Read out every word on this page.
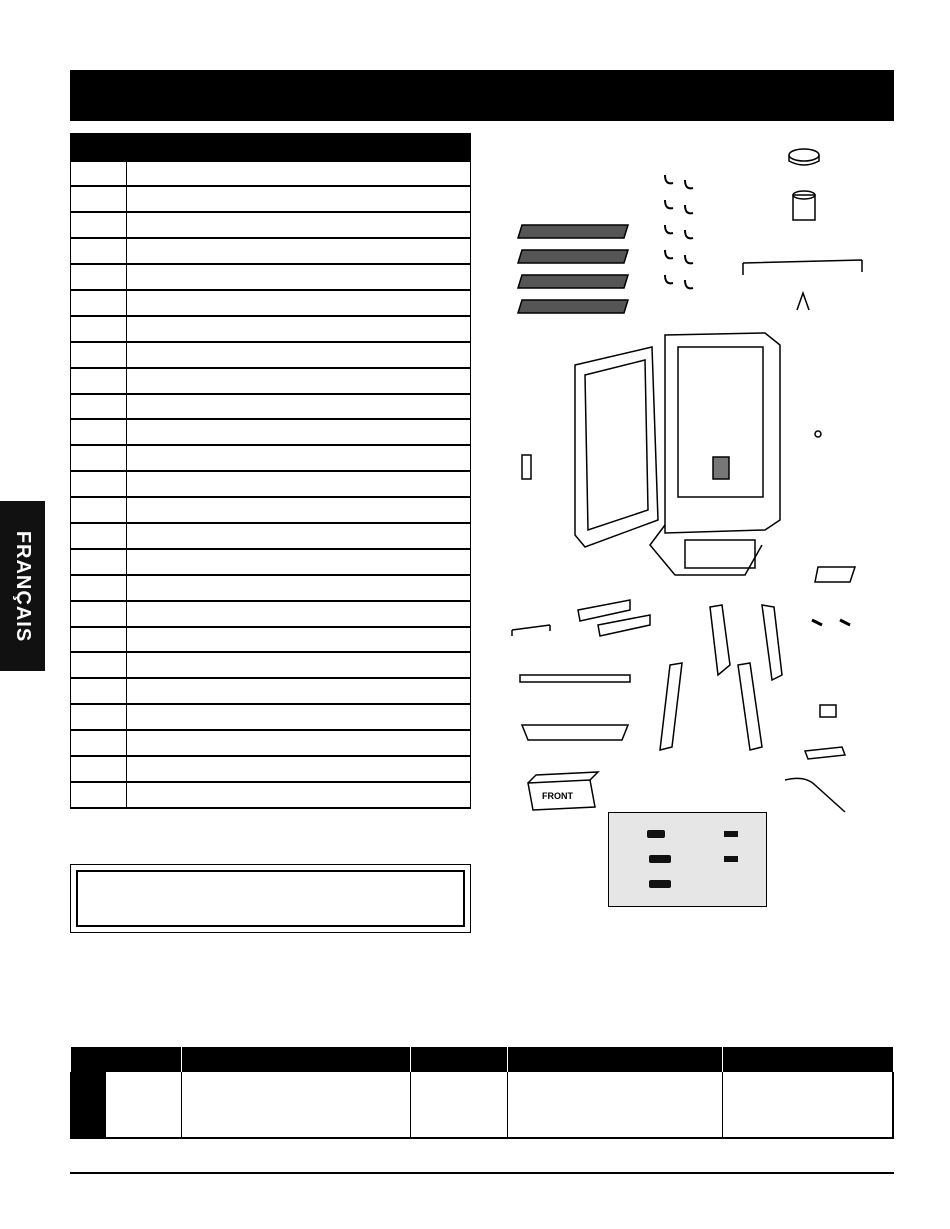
FRANÇAIS

FRONT
